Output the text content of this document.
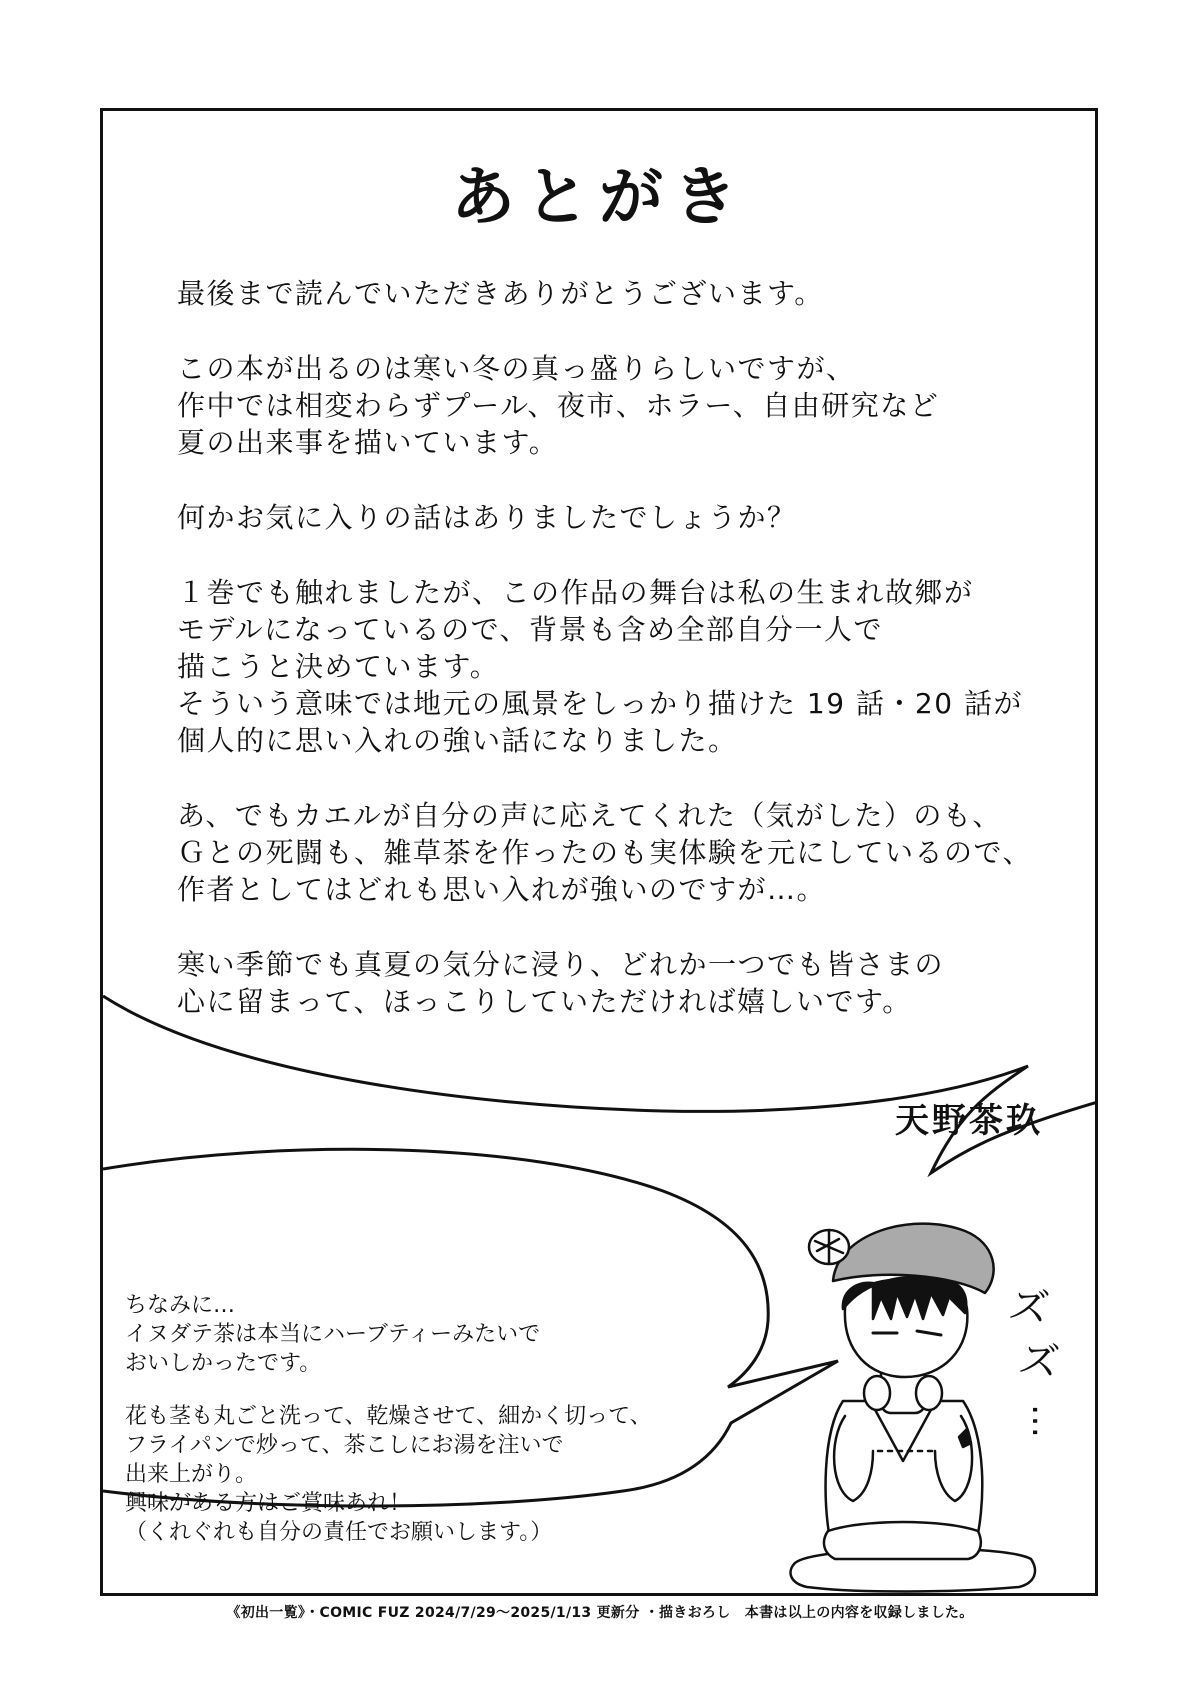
あとがき
最後まで読んでいただきありがとうございます。
この本が出るのは寒い冬の真っ盛りらしいですが、
作中では相変わらずプール、夜市、ホラー、自由研究など
夏の出来事を描いています。
何かお気に入りの話はありましたでしょうか？
１巻でも触れましたが、この作品の舞台は私の生まれ故郷が
モデルになっているので、背景も含め全部自分一人で
描こうと決めています。
そういう意味では地元の風景をしっかり描けた 19 話・20 話が
個人的に思い入れの強い話になりました。
あ、でもカエルが自分の声に応えてくれた（気がした）のも、
Ｇとの死闘も、雑草茶を作ったのも実体験を元にしているので、
作者としてはどれも思い入れが強いのですが…。
寒い季節でも真夏の気分に浸り、どれか一つでも皆さまの
心に留まって、ほっこりしていただければ嬉しいです。
天野茶玖
ちなみに…
イヌダテ茶は本当にハーブティーみたいで
おいしかったです。
花も茎も丸ごと洗って、乾燥させて、細かく切って、
フライパンで炒って、茶こしにお湯を注いで
出来上がり。
興味がある方はご賞味あれ！
（くれぐれも自分の責任でお願いします。）
ズ
ズ
…
《初出一覧》・COMIC FUZ 2024/7/29〜2025/1/13 更新分 ・描きおろし　本書は以上の内容を収録しました。
